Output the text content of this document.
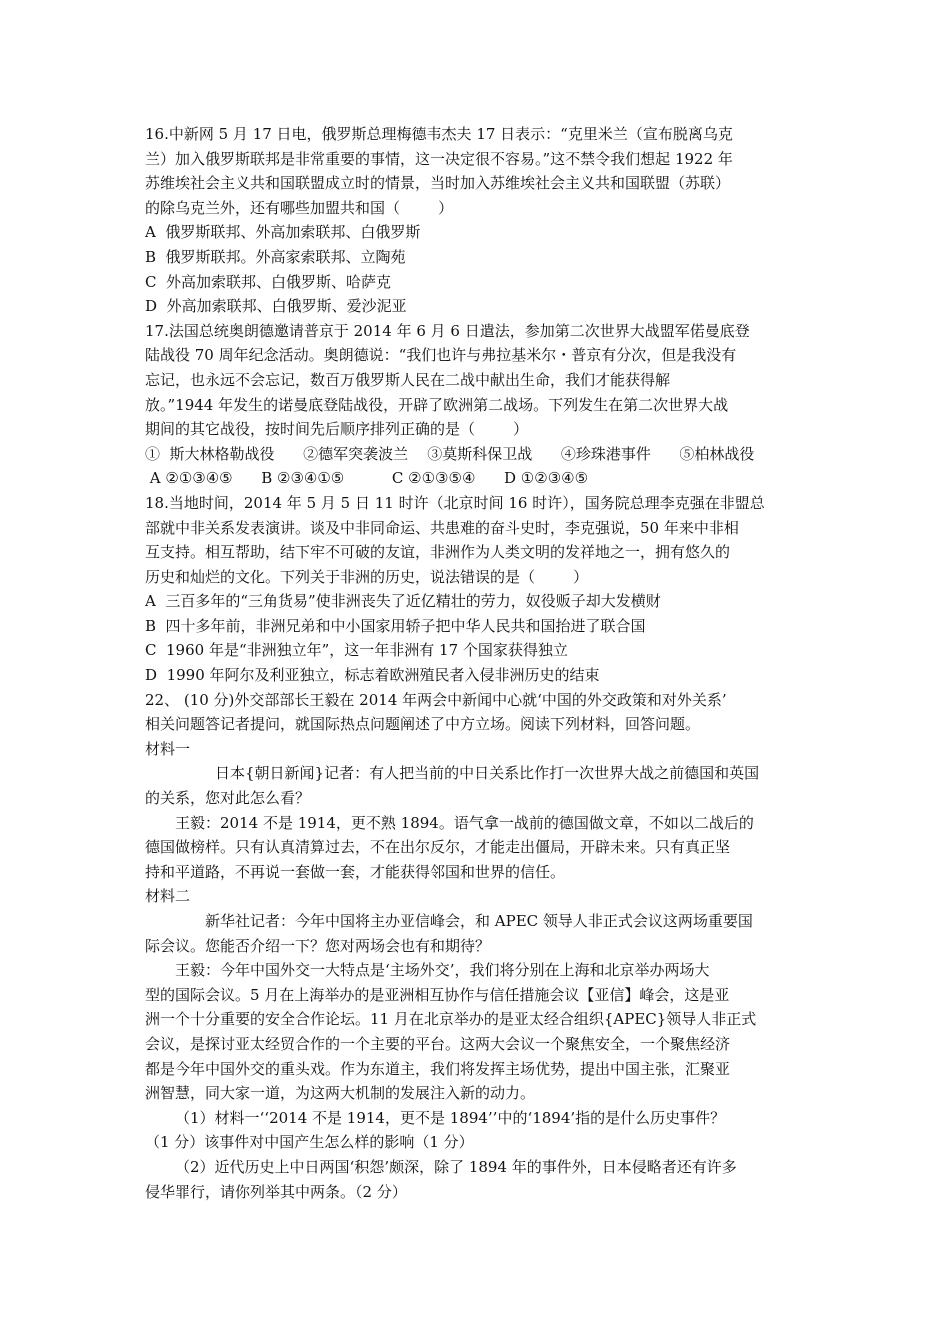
16.中新网 5 月 17 日电，俄罗斯总理梅德韦杰夫 17 日表示：“克里米兰（宣布脱离乌克
兰）加入俄罗斯联邦是非常重要的事情，这一决定很不容易。”这不禁令我们想起 1922 年
苏维埃社会主义共和国联盟成立时的情景，当时加入苏维埃社会主义共和国联盟（苏联）
的除乌克兰外，还有哪些加盟共和国（        ）
A  俄罗斯联邦、外高加索联邦、白俄罗斯
B  俄罗斯联邦。外高家索联邦、立陶苑
C  外高加索联邦、白俄罗斯、哈萨克
D  外高加索联邦、白俄罗斯、爱沙泥亚
17.法国总统奥朗德邀请普京于 2014 年 6 月 6 日遣法，参加第二次世界大战盟军偌曼底登
陆战役 70 周年纪念活动。奥朗德说：“我们也许与弗拉基米尔・普京有分次，但是我没有
忘记，也永远不会忘记，数百万俄罗斯人民在二战中献出生命，我们才能获得解
放。”1944 年发生的诺曼底登陆战役，开辟了欧洲第二战场。下列发生在第二次世界大战
期间的其它战役，按时间先后顺序排列正确的是（        ）
①  斯大林格勒战役      ②德军突袭波兰    ③莫斯科保卫战      ④珍珠港事件      ⑤柏林战役
A ②①③④⑤      B ②③④①⑤          C ②①③⑤④      D ①②③④⑤
18.当地时间，2014 年 5 月 5 日 11 时许（北京时间 16 时许），国务院总理李克强在非盟总
部就中非关系发表演讲。谈及中非同命运、共患难的奋斗史时，李克强说，50 年来中非相
互支持。相互帮助，结下牢不可破的友谊，非洲作为人类文明的发祥地之一，拥有悠久的
历史和灿烂的文化。下列关于非洲的历史，说法错误的是（        ）
A  三百多年的“三角货易”使非洲丧失了近亿精壮的劳力，奴役贩子却大发横财
B  四十多年前，非洲兄弟和中小国家用轿子把中华人民共和国抬进了联合国
C  1960 年是“非洲独立年”，这一年非洲有 17 个国家获得独立
D  1990 年阿尔及利亚独立，标志着欧洲殖民者入侵非洲历史的结束
22、 (10 分)外交部部长王毅在 2014 年两会中新闻中心就‘中国的外交政策和对外关系’
相关问题答记者提问，就国际热点问题阐述了中方立场。阅读下列材料，回答问题。
材料一
日本{朝日新闻}记者：有人把当前的中日关系比作打一次世界大战之前德国和英国
的关系，您对此怎么看？
王毅：2014 不是 1914，更不熟 1894。语气拿一战前的德国做文章，不如以二战后的
德国做榜样。只有认真清算过去，不在出尔反尔，才能走出僵局，开辟未来。只有真正坚
持和平道路，不再说一套做一套，才能获得邻国和世界的信任。
材料二
新华社记者：今年中国将主办亚信峰会，和 APEC 领导人非正式会议这两场重要国
际会议。您能否介绍一下？您对两场会也有和期待？
王毅：今年中国外交一大特点是‘主场外交’，我们将分别在上海和北京举办两场大
型的国际会议。5 月在上海举办的是亚洲相互协作与信任措施会议【亚信】峰会，这是亚
洲一个十分重要的安全合作论坛。11 月在北京举办的是亚太经合组织{APEC}领导人非正式
会议，是探讨亚太经贸合作的一个主要的平台。这两大会议一个聚焦安全，一个聚焦经济
都是今年中国外交的重头戏。作为东道主，我们将发挥主场优势，提出中国主张，汇聚亚
洲智慧，同大家一道，为这两大机制的发展注入新的动力。
（1）材料一‘‘2014 不是 1914，更不是 1894’’中的‘1894’指的是什么历史事件？
（1 分）该事件对中国产生怎么样的影响（1 分）
（2）近代历史上中日两国‘积怨’颇深，除了 1894 年的事件外，日本侵略者还有许多
侵华罪行，请你列举其中两条。（2 分）
